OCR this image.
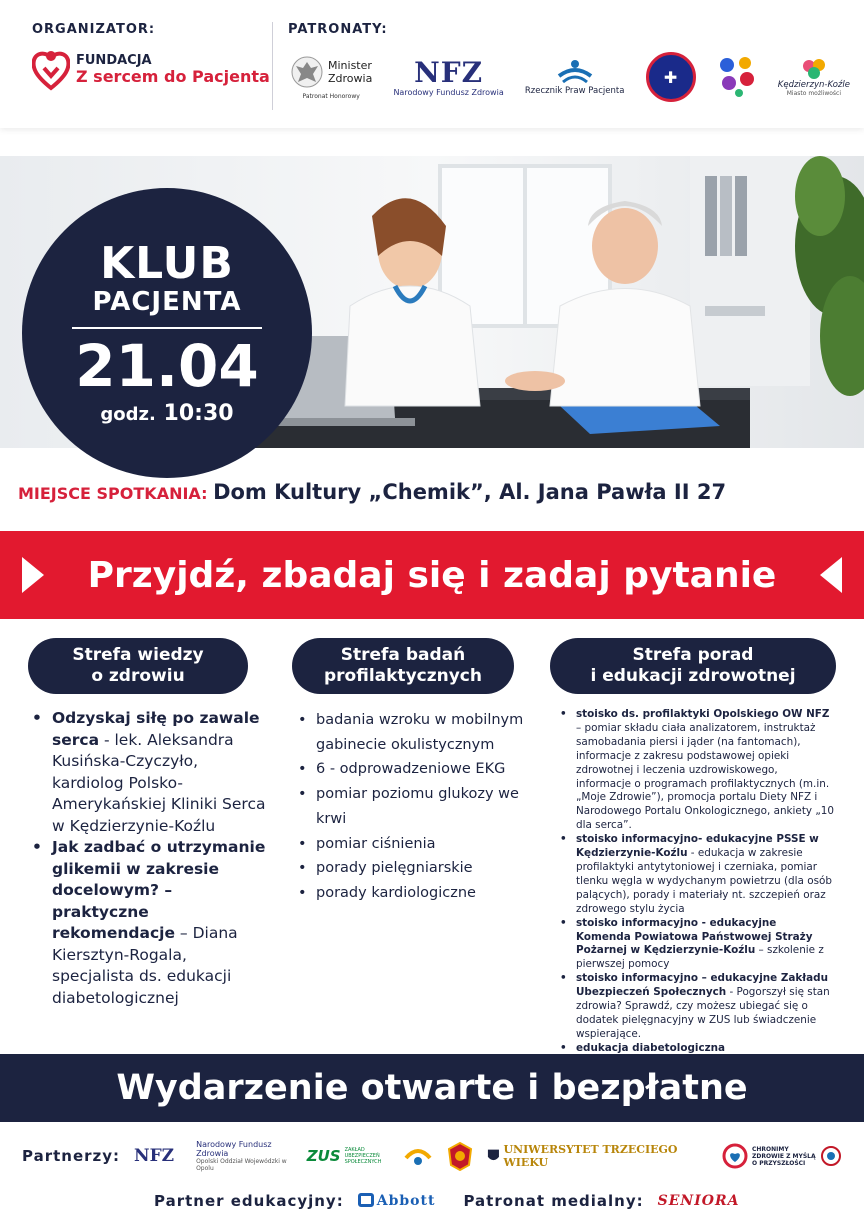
ORGANIZATOR:
FUNDACJA
Z sercem do Pacjenta
PATRONATY:
Minister
Zdrowia
Patronat Honorowy
NFZ
Narodowy Fundusz Zdrowia Rzecznik Praw Pacjenta
✚	Kędzierzyn-Koźle
Miasto możliwości
KLUB
PACJENTA
21.04
godz. 10:30
MIEJSCE SPOTKANIA: Dom Kultury „Chemik”, Al. Jana Pawła II 27
Przyjdź, zbadaj się i zadaj pytanie
Strefa wiedzy
o zdrowiu
Strefa badań
profilaktycznych
Strefa porad
i edukacji zdrowotnej
• Odzyskaj siłę po zawale serca - lek. Aleksandra Kusińska-Czyczyło, kardiolog Polsko-Amerykańskiej Kliniki Serca w Kędzierzynie-Koźlu
• Jak zadbać o utrzymanie glikemii w zakresie docelowym? – praktyczne rekomendacje – Diana Kiersztyn-Rogala, specjalista ds. edukacji diabetologicznej
• badania wzroku w mobilnym gabinecie okulistycznym
• 6 - odprowadzeniowe EKG
• pomiar poziomu glukozy we krwi
• pomiar ciśnienia
• porady pielęgniarskie
• porady kardiologiczne
• stoisko ds. profilaktyki Opolskiego OW NFZ – pomiar składu ciała analizatorem, instruktaż samobadania piersi i jąder (na fantomach), informacje z zakresu podstawowej opieki zdrowotnej i leczenia uzdrowiskowego, informacje o programach profilaktycznych (m.in. „Moje Zdrowie”), promocja portalu Diety NFZ i Narodowego Portalu Onkologicznego, ankiety „10 dla serca”.
• stoisko informacyjno- edukacyjne PSSE w Kędzierzynie-Koźlu - edukacja w zakresie profilaktyki antytytoniowej i czerniaka, pomiar tlenku węgla w wydychanym powietrzu (dla osób palących), porady i materiały nt. szczepień oraz zdrowego stylu życia
• stoisko informacyjno - edukacyjne Komenda Powiatowa Państwowej Straży Pożarnej w Kędzierzynie-Koźlu – szkolenie z pierwszej pomocy
• stoisko informacyjno – edukacyjne Zakładu Ubezpieczeń Społecznych - Pogorszył się stan zdrowia? Sprawdź, czy możesz ubiegać się o dodatek pielęgnacyjny w ZUS lub świadczenie wspierające.
• edukacja diabetologiczna
Wydarzenie otwarte i bezpłatne
Partnerzy: NFZ
Narodowy Fundusz Zdrowia
Opolski Oddział Wojewódzki w Opolu
ZUS ZAKŁAD UBEZPIECZEŃ SPOŁECZNYCH
UNIWERSYTET TRZECIEGO WIEKU
CHRONIMY ZDROWIE Z MYŚLĄ O PRZYSZŁOŚCI
Partner edukacyjny:	Abbott Patronat medialny: SENIORA
